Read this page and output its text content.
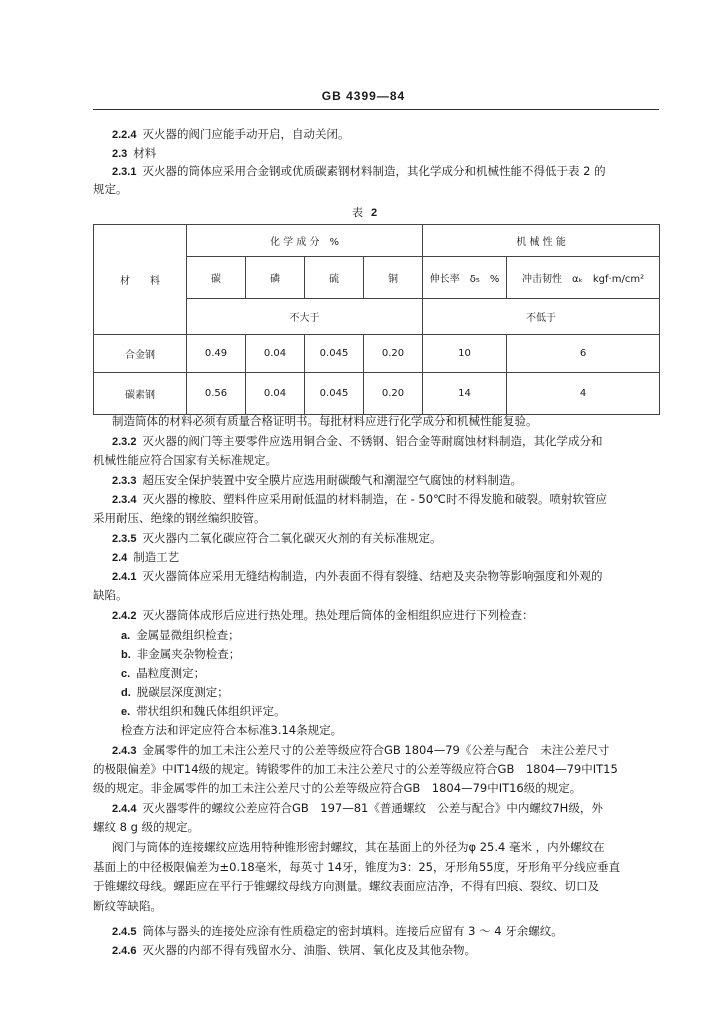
GB 4399—84
2.2.4 灭火器的阀门应能手动开启，自动关闭。
2.3 材料
2.3.1 灭火器的筒体应采用合金钢或优质碳素钢材料制造，其化学成分和机械性能不得低于表 2 的
规定。
表 2
材　　料	化 学 成 分　%				机 械 性 能	
	碳	磷	硫	铜	伸长率　δ₅　%	冲击韧性　αₖ　kgf·m/cm²
	不大于				不低于	
合金钢	0.49	0.04	0.045	0.20	10	6
碳素钢	0.56	0.04	0.045	0.20	14	4
制造筒体的材料必须有质量合格证明书。每批材料应进行化学成分和机械性能复验。
2.3.2 灭火器的阀门等主要零件应选用铜合金、不锈钢、铝合金等耐腐蚀材料制造，其化学成分和
机械性能应符合国家有关标准规定。
2.3.3 超压安全保护装置中安全膜片应选用耐碳酸气和潮湿空气腐蚀的材料制造。
2.3.4 灭火器的橡胶、塑料件应采用耐低温的材料制造，在 - 50℃时不得发脆和破裂。喷射软管应
采用耐压、绝缘的钢丝编织胶管。
2.3.5 灭火器内二氧化碳应符合二氧化碳灭火剂的有关标准规定。
2.4 制造工艺
2.4.1 灭火器筒体应采用无缝结构制造，内外表面不得有裂缝、结疤及夹杂物等影响强度和外观的
缺陷。
2.4.2 灭火器筒体成形后应进行热处理。热处理后筒体的金相组织应进行下列检查：
a. 金属显微组织检查；
b. 非金属夹杂物检查；
c. 晶粒度测定；
d. 脱碳层深度测定；
e. 带状组织和魏氏体组织评定。
检查方法和评定应符合本标准3.14条规定。
2.4.3 金属零件的加工未注公差尺寸的公差等级应符合GB 1804—79《公差与配合　未注公差尺寸
的极限偏差》中IT14级的规定。铸锻零件的加工未注公差尺寸的公差等级应符合GB　1804—79中IT15
级的规定。非金属零件的加工未注公差尺寸的公差等级应符合GB　1804—79中IT16级的规定。
2.4.4 灭火器零件的螺纹公差应符合GB　197—81《普通螺纹　公差与配合》中内螺纹7H级，外
螺纹 8 g 级的规定。
阀门与筒体的连接螺纹应选用特种锥形密封螺纹，其在基面上的外径为φ 25.4 毫米 ，内外螺纹在
基面上的中径极限偏差为±0.18毫米，每英寸 14牙，锥度为3：25，牙形角55度，牙形角平分线应垂直
于锥螺纹母线。螺距应在平行于锥螺纹母线方向测量。螺纹表面应洁净，不得有凹痕、裂纹、切口及
断纹等缺陷。
2.4.5 筒体与器头的连接处应涂有性质稳定的密封填料。连接后应留有 3 ～ 4 牙余螺纹。
2.4.6 灭火器的内部不得有残留水分、油脂、铁屑、氧化皮及其他杂物。
